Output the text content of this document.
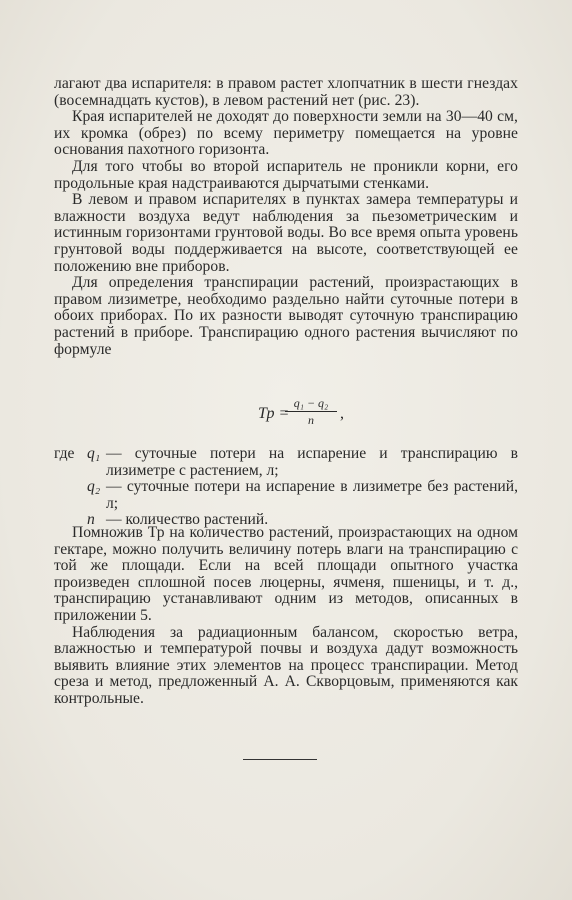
лагают два испарителя: в правом растет хлопчатник в шести гнездах (восемнадцать кустов), в левом растений нет (рис. 23).

Края испарителей не доходят до поверхности земли на 30—40 см, их кромка (обрез) по всему периметру помещается на уровне основания пахотного горизонта.

Для того чтобы во второй испаритель не проникли корни, его продольные края надстраиваются дырчатыми стенками.

В левом и правом испарителях в пунктах замера температуры и влажности воздуха ведут наблюдения за пьезометрическим и истинным горизонтами грунтовой воды. Во все время опыта уровень грунтовой воды поддерживается на высоте, соответствующей ее положению вне приборов.

Для определения транспирации растений, произрастающих в правом лизиметре, необходимо раздельно найти суточные потери в обоих приборах. По их разности выводят суточную транспирацию растений в приборе. Транспирацию одного растения вычисляют по формуле

Тр =
$\frac{\text{q₁ − q₂}}{n}$ ,
где q₁ — суточные потери на испарение и транспирацию в лизиметре с растением, л;
q₂ — суточные потери на испарение в лизиметре без растений, л;
n — количество растений.

Помножив Тр на количество растений, произрастающих на одном гектаре, можно получить величину потерь влаги на транспирацию с той же площади. Если на всей площади опытного участка произведен сплошной посев люцерны, ячменя, пшеницы, и т. д., транспирацию устанавливают одним из методов, описанных в приложении 5.

Наблюдения за радиационным балансом, скоростью ветра, влажностью и температурой почвы и воздуха дадут возможность выявить влияние этих элементов на процесс транспирации. Метод среза и метод, предложенный А. А. Скворцовым, применяются как контрольные.
